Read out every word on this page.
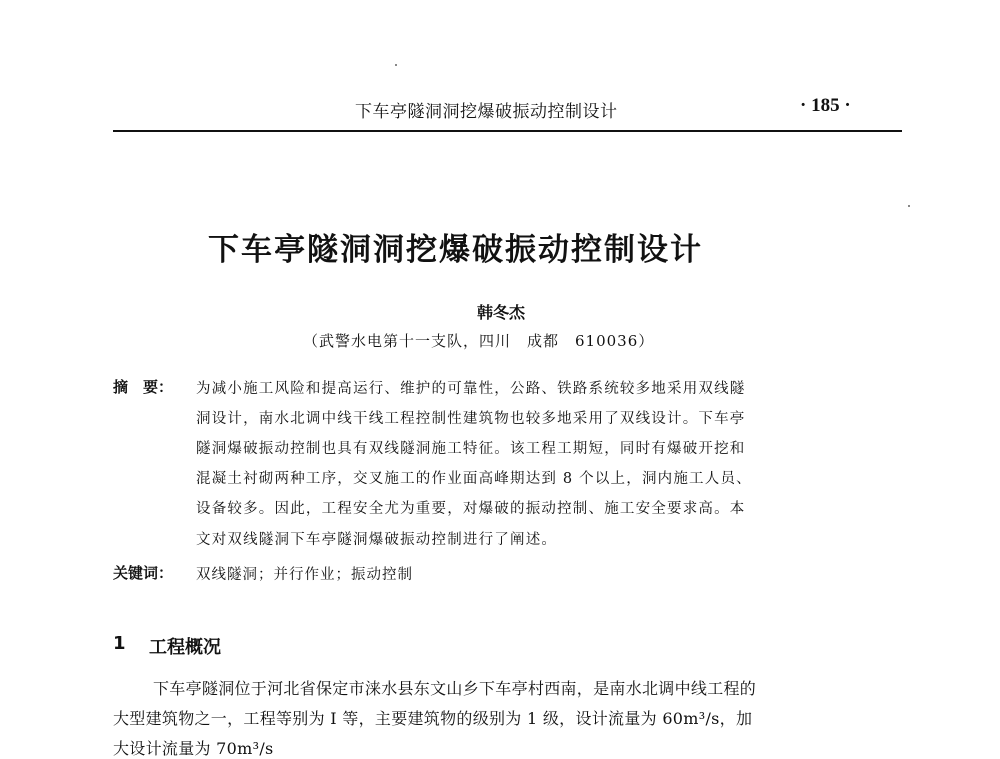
下车亭隧洞洞挖爆破振动控制设计	· 185 ·
下车亭隧洞洞挖爆破振动控制设计
韩冬杰
（武警水电第十一支队，四川　成都　610036）
摘　要： 为减小施工风险和提高运行、维护的可靠性，公路、铁路系统较多地采用双线隧
洞设计，南水北调中线干线工程控制性建筑物也较多地采用了双线设计。下车亭
隧洞爆破振动控制也具有双线隧洞施工特征。该工程工期短，同时有爆破开挖和
混凝土衬砌两种工序，交叉施工的作业面高峰期达到 8 个以上，洞内施工人员、
设备较多。因此，工程安全尤为重要，对爆破的振动控制、施工安全要求高。本
文对双线隧洞下车亭隧洞爆破振动控制进行了阐述。
关键词： 双线隧洞；并行作业；振动控制
1 工程概况
下车亭隧洞位于河北省保定市涞水县东文山乡下车亭村西南，是南水北调中线工程的
大型建筑物之一，工程等别为 I 等，主要建筑物的级别为 1 级，设计流量为 60m³/s，加
大设计流量为 70m³/s
